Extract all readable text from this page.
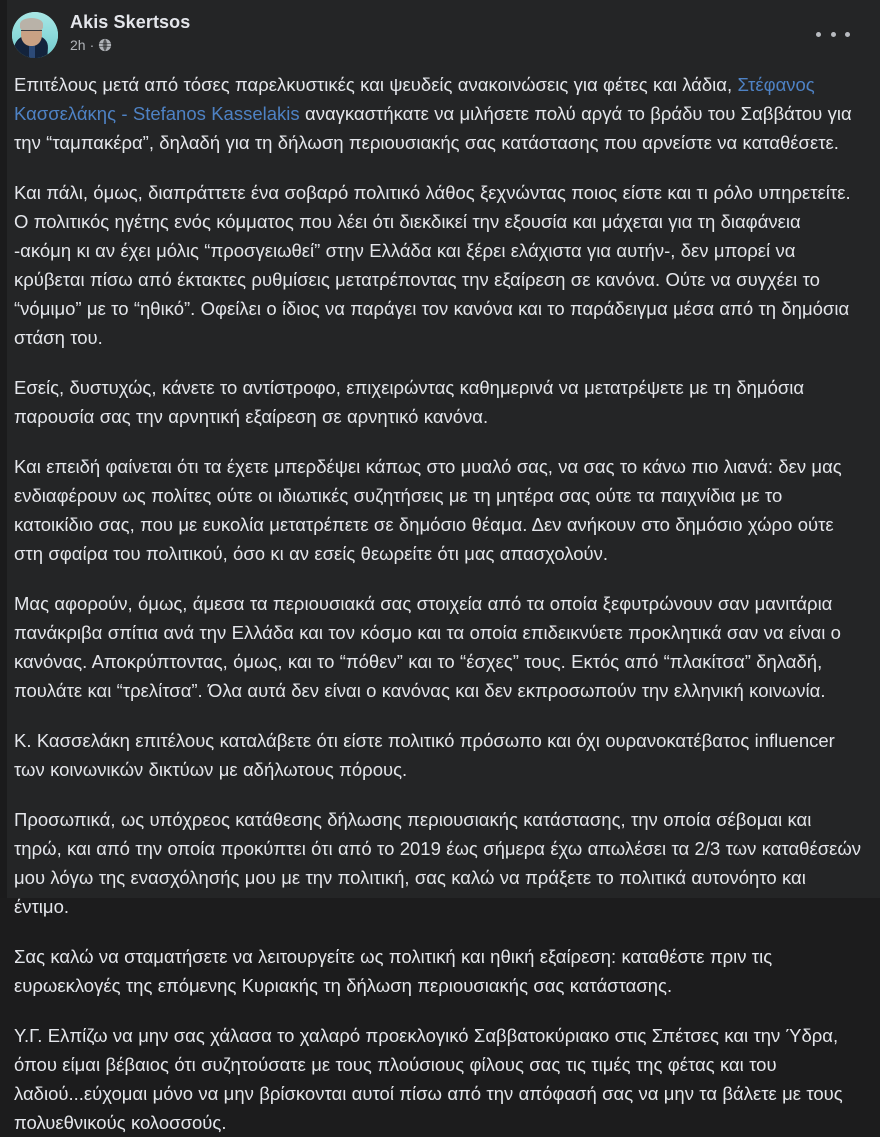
Akis Skertsos
2h ·

Επιτέλους μετά από τόσες παρελκυστικές και ψευδείς ανακοινώσεις για φέτες και λάδια, Στέφανος Κασσελάκης - Stefanos Kasselakis αναγκαστήκατε να μιλήσετε πολύ αργά το βράδυ του Σαββάτου για την “ταμπακέρα”, δηλαδή για τη δήλωση περιουσιακής σας κατάστασης που αρνείστε να καταθέσετε.

Και πάλι, όμως, διαπράττετε ένα σοβαρό πολιτικό λάθος ξεχνώντας ποιος είστε και τι ρόλο υπηρετείτε. Ο πολιτικός ηγέτης ενός κόμματος που λέει ότι διεκδικεί την εξουσία και μάχεται για τη διαφάνεια -ακόμη κι αν έχει μόλις “προσγειωθεί” στην Ελλάδα και ξέρει ελάχιστα για αυτήν-, δεν μπορεί να κρύβεται πίσω από έκτακτες ρυθμίσεις μετατρέποντας την εξαίρεση σε κανόνα. Ούτε να συγχέει το “νόμιμο” με το “ηθικό”. Οφείλει ο ίδιος να παράγει τον κανόνα και το παράδειγμα μέσα από τη δημόσια στάση του.

Εσείς, δυστυχώς, κάνετε το αντίστροφο, επιχειρώντας καθημερινά να μετατρέψετε με τη δημόσια παρουσία σας την αρνητική εξαίρεση σε αρνητικό κανόνα.

Και επειδή φαίνεται ότι τα έχετε μπερδέψει κάπως στο μυαλό σας, να σας το κάνω πιο λιανά: δεν μας ενδιαφέρουν ως πολίτες ούτε οι ιδιωτικές συζητήσεις με τη μητέρα σας ούτε τα παιχνίδια με το κατοικίδιο σας, που με ευκολία μετατρέπετε σε δημόσιο θέαμα. Δεν ανήκουν στο δημόσιο χώρο ούτε στη σφαίρα του πολιτικού, όσο κι αν εσείς θεωρείτε ότι μας απασχολούν.

Μας αφορούν, όμως, άμεσα τα περιουσιακά σας στοιχεία από τα οποία ξεφυτρώνουν σαν μανιτάρια πανάκριβα σπίτια ανά την Ελλάδα και τον κόσμο και τα οποία επιδεικνύετε προκλητικά σαν να είναι ο κανόνας. Αποκρύπτοντας, όμως, και το “πόθεν” και το “έσχες” τους. Εκτός από “πλακίτσα” δηλαδή, πουλάτε και “τρελίτσα”. Όλα αυτά δεν είναι ο κανόνας και δεν εκπροσωπούν την ελληνική κοινωνία.

Κ. Κασσελάκη επιτέλους καταλάβετε ότι είστε πολιτικό πρόσωπο και όχι ουρανοκατέβατος influencer των κοινωνικών δικτύων με αδήλωτους πόρους.

Προσωπικά, ως υπόχρεος κατάθεσης δήλωσης περιουσιακής κατάστασης, την οποία σέβομαι και τηρώ, και από την οποία προκύπτει ότι από το 2019 έως σήμερα έχω απωλέσει τα 2/3 των καταθέσεών μου λόγω της ενασχόλησής μου με την πολιτική, σας καλώ να πράξετε το πολιτικά αυτονόητο και έντιμο.

Σας καλώ να σταματήσετε να λειτουργείτε ως πολιτική και ηθική εξαίρεση: καταθέστε πριν τις ευρωεκλογές της επόμενης Κυριακής τη δήλωση περιουσιακής σας κατάστασης.

Υ.Γ. Ελπίζω να μην σας χάλασα το χαλαρό προεκλογικό Σαββατοκύριακο στις Σπέτσες και την Ύδρα, όπου είμαι βέβαιος ότι συζητούσατε με τους πλούσιους φίλους σας τις τιμές της φέτας και του λαδιού...εύχομαι μόνο να μην βρίσκονται αυτοί πίσω από την απόφασή σας να μην τα βάλετε με τους πολυεθνικούς κολοσσούς.
